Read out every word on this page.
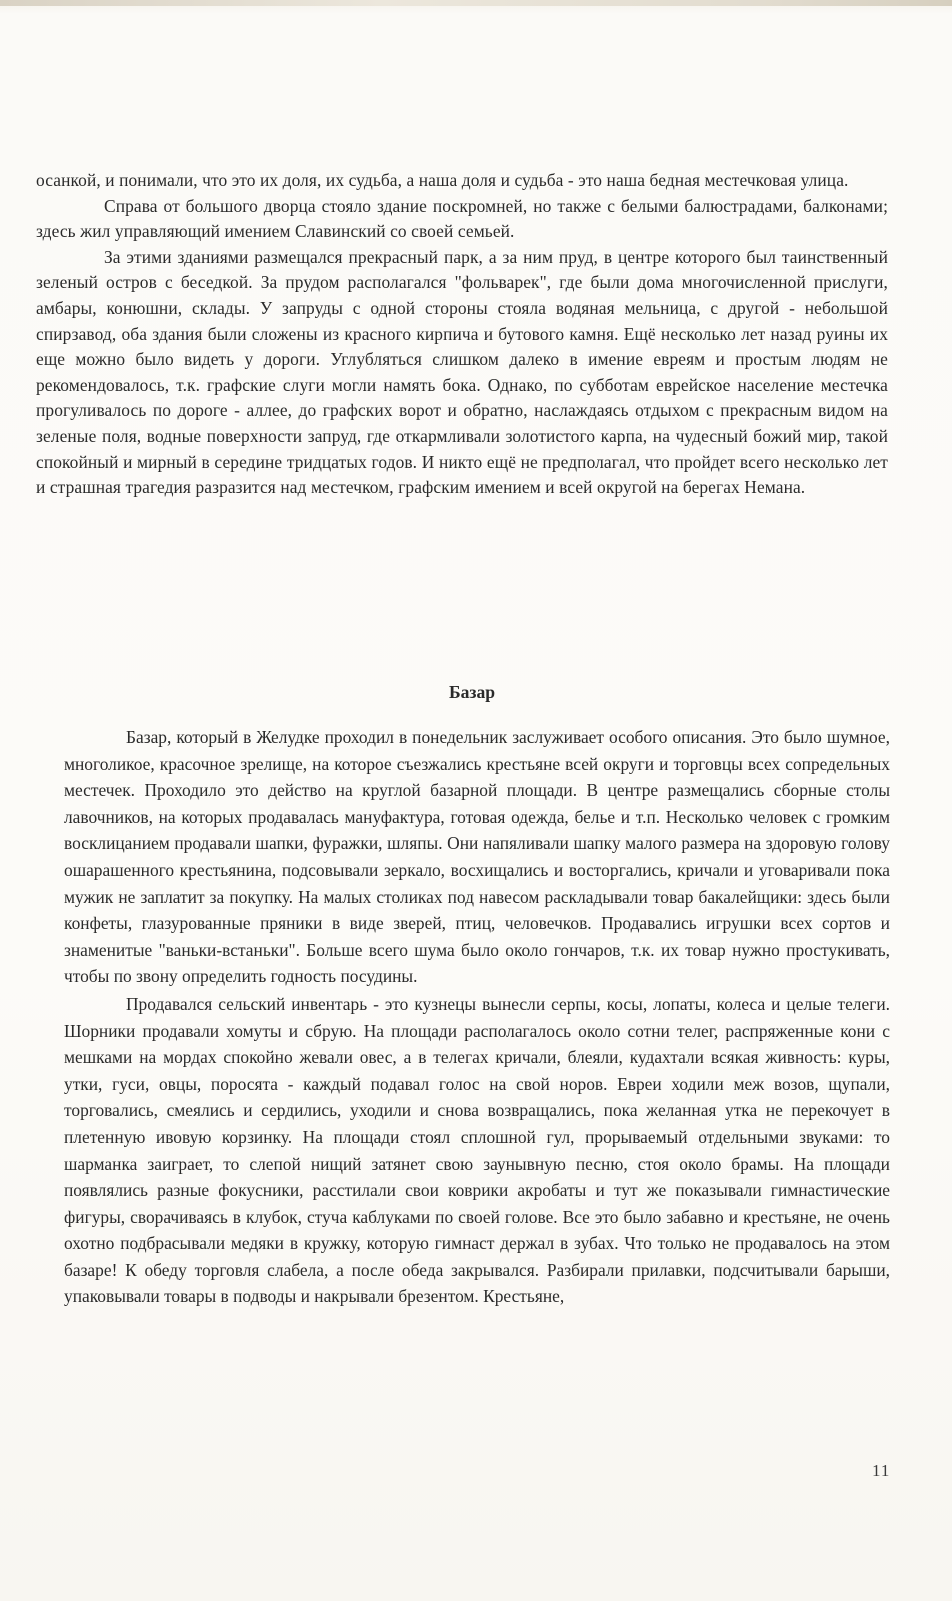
осанкой, и понимали, что это их доля, их судьба, а наша доля и судьба - это наша бедная местечковая улица.

Справа от большого дворца стояло здание поскромней, но также с белыми балюстрадами, балконами; здесь жил управляющий имением Славинский со своей семьей.

За этими зданиями размещался прекрасный парк, а за ним пруд, в центре которого был таинственный зеленый остров с беседкой. За прудом располагался "фольварек", где были дома многочисленной прислуги, амбары, конюшни, склады. У запруды с одной стороны стояла водяная мельница, с другой - небольшой спирзавод, оба здания были сложены из красного кирпича и бутового камня. Ещё несколько лет назад руины их еще можно было видеть у дороги. Углубляться слишком далеко в имение евреям и простым людям не рекомендовалось, т.к. графские слуги могли намять бока. Однако, по субботам еврейское население местечка прогуливалось по дороге - аллее, до графских ворот и обратно, наслаждаясь отдыхом с прекрасным видом на зеленые поля, водные поверхности запруд, где откармливали золотистого карпа, на чудесный божий мир, такой спокойный и мирный в середине тридцатых годов. И никто ещё не предполагал, что пройдет всего несколько лет и страшная трагедия разразится над местечком, графским имением и всей округой на берегах Немана.

Базар

Базар, который в Желудке проходил в понедельник заслуживает особого описания. Это было шумное, многоликое, красочное зрелище, на которое съезжались крестьяне всей округи и торговцы всех сопредельных местечек. Проходило это действо на круглой базарной площади. В центре размещались сборные столы лавочников, на которых продавалась мануфактура, готовая одежда, белье и т.п. Несколько человек с громким восклицанием продавали шапки, фуражки, шляпы. Они напяливали шапку малого размера на здоровую голову ошарашенного крестьянина, подсовывали зеркало, восхищались и восторгались, кричали и уговаривали пока мужик не заплатит за покупку. На малых столиках под навесом раскладывали товар бакалейщики: здесь были конфеты, глазурованные пряники в виде зверей, птиц, человечков. Продавались игрушки всех сортов и знаменитые "ваньки-встаньки". Больше всего шума было около гончаров, т.к. их товар нужно простукивать, чтобы по звону определить годность посудины.

Продавался сельский инвентарь - это кузнецы вынесли серпы, косы, лопаты, колеса и целые телеги. Шорники продавали хомуты и сбрую. На площади располагалось около сотни телег, распряженные кони с мешками на мордах спокойно жевали овес, а в телегах кричали, блеяли, кудахтали всякая живность: куры, утки, гуси, овцы, поросята - каждый подавал голос на свой норов. Евреи ходили меж возов, щупали, торговались, смеялись и сердились, уходили и снова возвращались, пока желанная утка не перекочует в плетенную ивовую корзинку. На площади стоял сплошной гул, прорываемый отдельными звуками: то шарманка заиграет, то слепой нищий затянет свою заунывную песню, стоя около брамы. На площади появлялись разные фокусники, расстилали свои коврики акробаты и тут же показывали гимнастические фигуры, сворачиваясь в клубок, стуча каблуками по своей голове. Все это было забавно и крестьяне, не очень охотно подбрасывали медяки в кружку, которую гимнаст держал в зубах. Что только не продавалось на этом базаре! К обеду торговля слабела, а после обеда закрывался. Разбирали прилавки, подсчитывали барыши, упаковывали товары в подводы и накрывали брезентом. Крестьяне,

11
